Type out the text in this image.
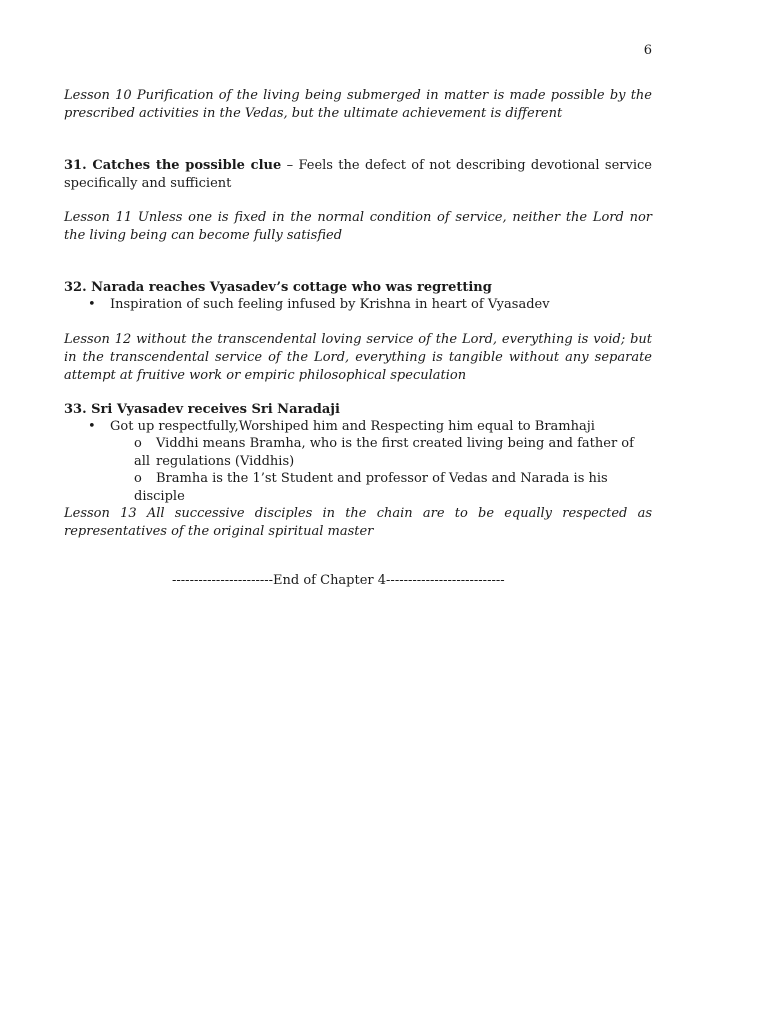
6
Lesson 10 Purification of the living being submerged in matter is made possible by the prescribed activities in the Vedas, but the ultimate achievement is different
31. Catches the possible clue – Feels the defect of not describing devotional service specifically and sufficient
Lesson 11 Unless one is fixed in the normal condition of service, neither the Lord nor the living being can become fully satisfied
32. Narada reaches Vyasadev’s cottage who was regretting
• Inspiration of such feeling infused by Krishna in heart of Vyasadev
Lesson 12 without the transcendental loving service of the Lord, everything is void; but in the transcendental service of the Lord, everything is tangible without any separate attempt at fruitive work or empiric philosophical speculation
33. Sri Vyasadev receives Sri Naradaji
• Got up respectfully,Worshiped him and Respecting him equal to Bramhaji
o Viddhi means Bramha, who is the first created living being and father of all regulations (Viddhis)
o Bramha is the 1’st Student and professor of Vedas and Narada is his disciple
Lesson 13 All successive disciples in the chain are to be equally respected as representatives of the original spiritual master
-----------------------End of Chapter 4---------------------------
